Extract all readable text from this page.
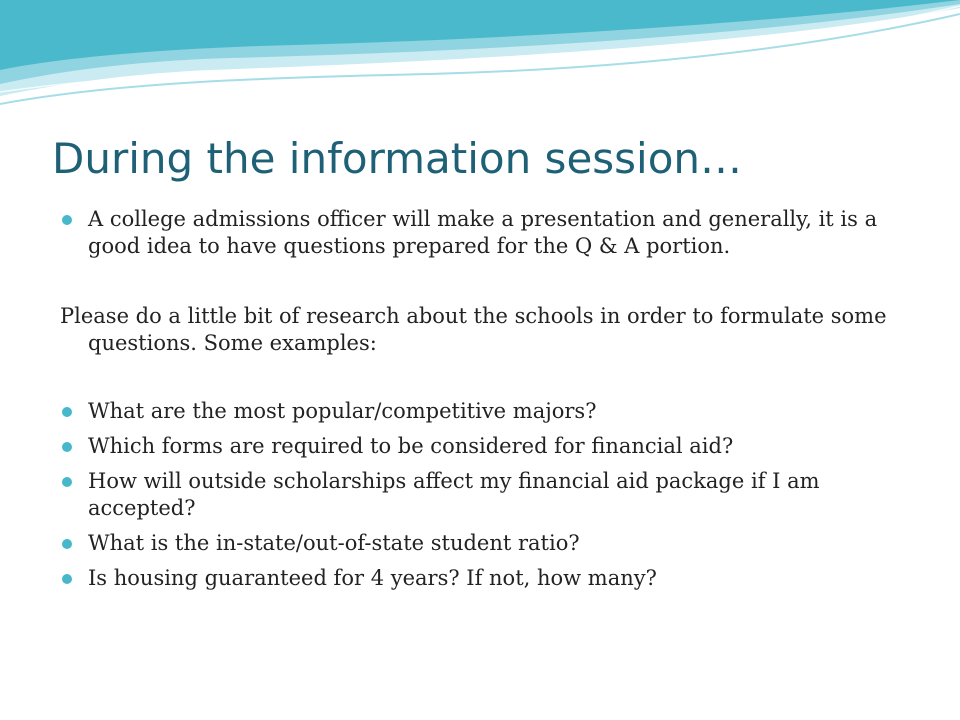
During the information session…

A college admissions officer will make a presentation and generally, it is a good idea to have questions prepared for the Q & A portion.

Please do a little bit of research about the schools in order to formulate some questions. Some examples:

What are the most popular/competitive majors?

Which forms are required to be considered for financial aid?

How will outside scholarships affect my financial aid package if I am accepted?

What is the in-state/out-of-state student ratio?

Is housing guaranteed for 4 years? If not, how many?
